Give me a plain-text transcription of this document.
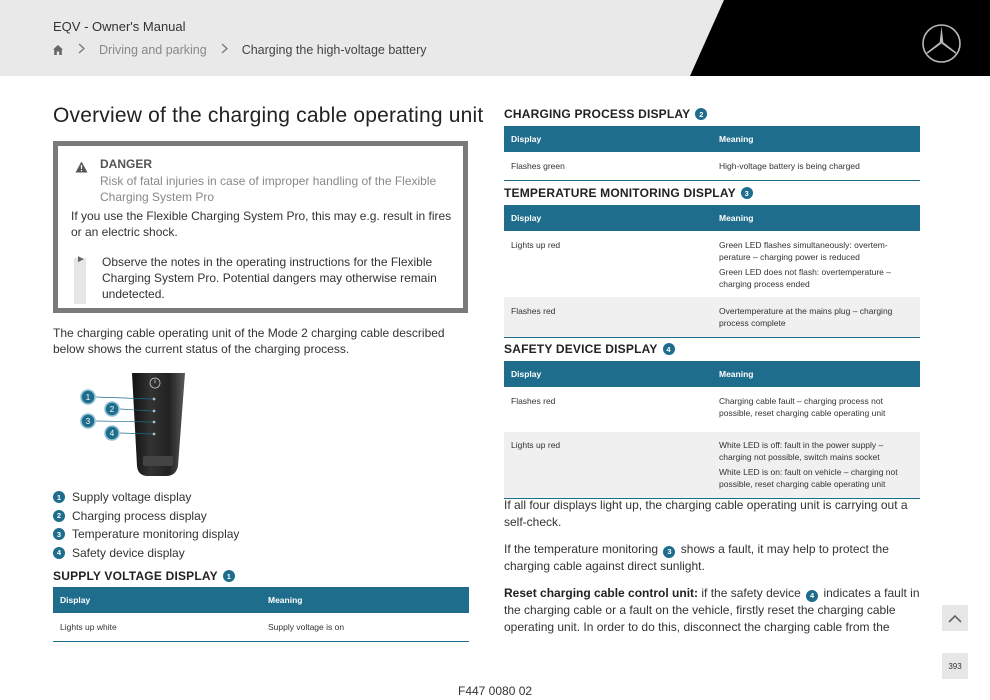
EQV - Owner's Manual
Driving and parking	Charging the high-voltage battery
Overview of the charging cable operating unit
DANGER
Risk of fatal injuries in case of improper handling of the Flexible Charging System Pro
If you use the Flexible Charging System Pro, this may e.g. result in fires or an electric shock.
► Observe the notes in the operating instructions for the Flexible Charging System Pro. Potential dangers may otherwise remain undetected.

The charging cable operating unit of the Mode 2 charging cable described below shows the current status of the charging process.

1
2
3
4
1 Supply voltage display
2 Charging process display
3 Temperature monitoring display
4 Safety device display
SUPPLY VOLTAGE DISPLAY	1
Display	Meaning
Lights up white	Supply voltage is on

CHARGING PROCESS DISPLAY	2
Display	Meaning
Flashes green	High-voltage battery is being charged

TEMPERATURE MONITORING DISPLAY	3
Display	Meaning
Lights up red	Green LED flashes simultaneously: overtem-perature – charging power is reduced

Green LED does not flash: overtemperature – charging process ended

Flashes red	Overtemperature at the mains plug – charging process complete

SAFETY DEVICE DISPLAY	4
Display	Meaning
Flashes red	Charging cable fault – charging process not possible, reset charging cable operating unit

Lights up red	White LED is off: fault in the power supply – charging not possible, switch mains socket

White LED is on: fault on vehicle – charging not possible, reset charging cable operating unit

If all four displays light up, the charging cable operating unit is carrying out a self-check.

If the temperature monitoring 3 shows a fault, it may help to protect the charging cable against direct sunlight.

Reset charging cable control unit: if the safety device 4 indicates a fault in the charging cable or a fault on the vehicle, firstly reset the charging cable operating unit. In order to do this, disconnect the charging cable from the

393
F447 0080 02
